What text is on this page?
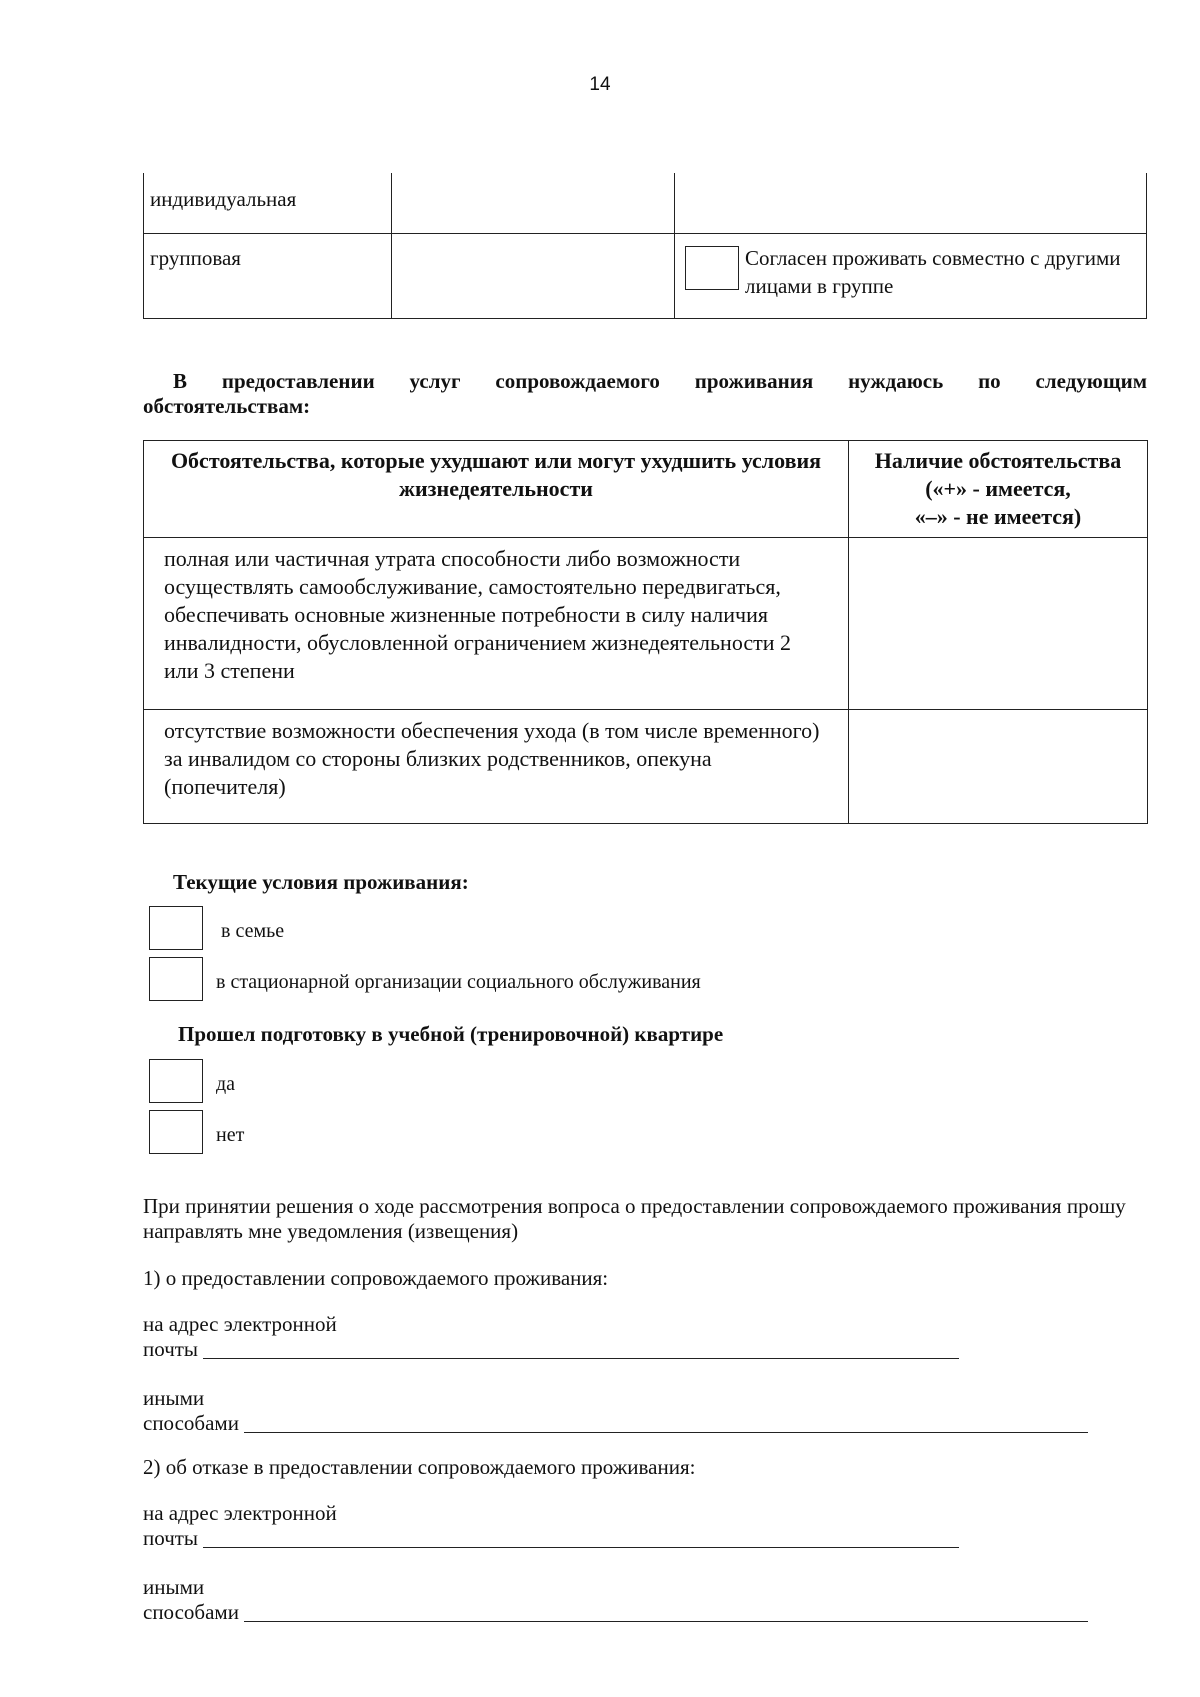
14
индивидуальная		
групповая		Согласен проживать совместно с другими лицами в группе
В предоставлении услуг сопровождаемого проживания нуждаюсь по следующим
обстоятельствам:
Обстоятельства, которые ухудшают или могут ухудшить условия жизнедеятельности	Наличие обстоятельства
(«+» - имеется,
«–» - не имеется)

полная или частичная утрата способности либо возможности осуществлять самообслуживание, самостоятельно передвигаться, обеспечивать основные жизненные потребности в силу наличия инвалидности, обусловленной ограничением жизнедеятельности 2 или 3 степени	
отсутствие возможности обеспечения ухода (в том числе временного) за инвалидом со стороны близких родственников, опекуна (попечителя)	
Текущие условия проживания:
в семье
в стационарной организации социального обслуживания
Прошел подготовку в учебной (тренировочной) квартире
да
нет
При принятии решения о ходе рассмотрения вопроса о предоставлении сопровождаемого проживания прошу направлять мне уведомления (извещения)
1) о предоставлении сопровождаемого проживания:
на адрес электронной
почты
иными
способами
2) об отказе в предоставлении сопровождаемого проживания:
на адрес электронной
почты
иными
способами
